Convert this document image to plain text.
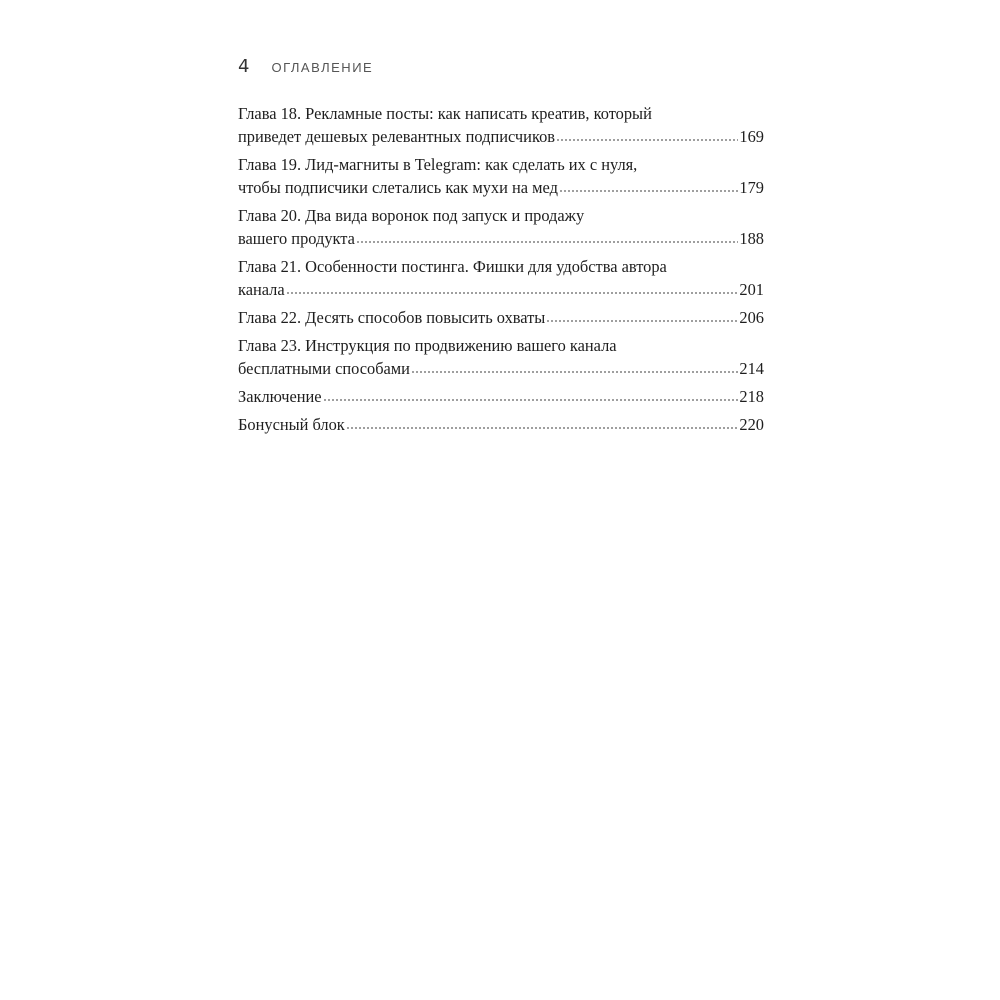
4 ОГЛАВЛЕНИЕ
Глава 18. Рекламные посты: как написать креатив, который
приведет дешевых релевантных подписчиков	169
Глава 19. Лид-магниты в Telegram: как сделать их с нуля,
чтобы подписчики слетались как мухи на мед	179
Глава 20. Два вида воронок под запуск и продажу
вашего продукта	188
Глава 21. Особенности постинга. Фишки для удобства автора
канала	201
Глава 22. Десять способов повысить охваты	206
Глава 23. Инструкция по продвижению вашего канала
бесплатными способами	214
Заключение	218
Бонусный блок	220
